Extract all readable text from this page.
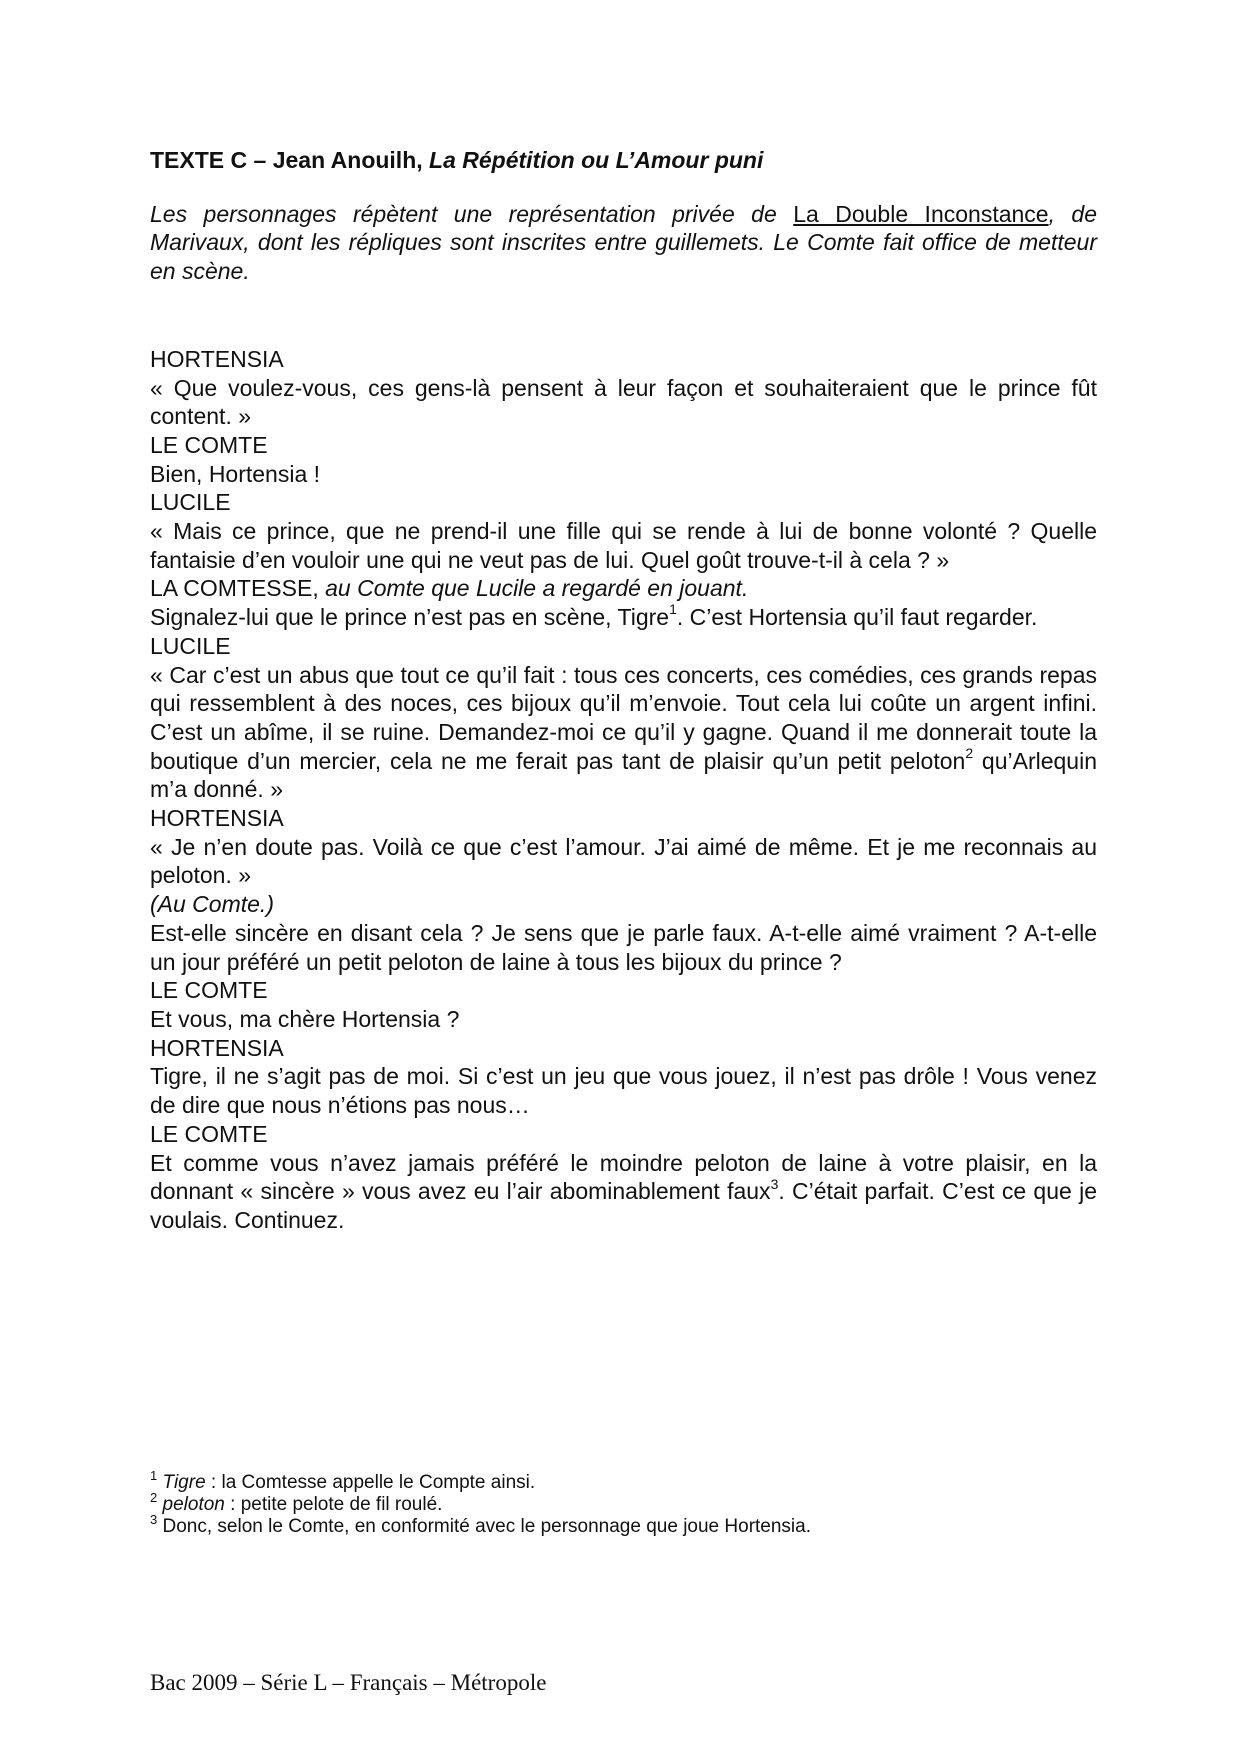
TEXTE C – Jean Anouilh, La Répétition ou L’Amour puni

Les personnages répètent une représentation privée de La Double Inconstance, de Marivaux, dont les répliques sont inscrites entre guillemets. Le Comte fait office de metteur en scène.

HORTENSIA

« Que voulez-vous, ces gens-là pensent à leur façon et souhaiteraient que le prince fût content. »

LE COMTE

Bien, Hortensia !

LUCILE

« Mais ce prince, que ne prend-il une fille qui se rende à lui de bonne volonté ? Quelle fantaisie d’en vouloir une qui ne veut pas de lui. Quel goût trouve-t-il à cela ? »

LA COMTESSE, au Comte que Lucile a regardé en jouant.

Signalez-lui que le prince n’est pas en scène, Tigre$^1$. C’est Hortensia qu’il faut regarder.

LUCILE

« Car c’est un abus que tout ce qu’il fait : tous ces concerts, ces comédies, ces grands repas qui ressemblent à des noces, ces bijoux qu’il m’envoie. Tout cela lui coûte un argent infini. C’est un abîme, il se ruine. Demandez-moi ce qu’il y gagne. Quand il me donnerait toute la boutique d’un mercier, cela ne me ferait pas tant de plaisir qu’un petit peloton$^2$ qu’Arlequin m’a donné. »

HORTENSIA

« Je n’en doute pas. Voilà ce que c’est l’amour. J’ai aimé de même. Et je me reconnais au peloton. »

(Au Comte.)

Est-elle sincère en disant cela ? Je sens que je parle faux. A-t-elle aimé vraiment ? A-t-elle un jour préféré un petit peloton de laine à tous les bijoux du prince ?

LE COMTE

Et vous, ma chère Hortensia ?

HORTENSIA

Tigre, il ne s’agit pas de moi. Si c’est un jeu que vous jouez, il n’est pas drôle ! Vous venez de dire que nous n’étions pas nous…

LE COMTE

Et comme vous n’avez jamais préféré le moindre peloton de laine à votre plaisir, en la donnant « sincère » vous avez eu l’air abominablement faux$^3$. C’était parfait. C’est ce que je voulais. Continuez.

$^1$ Tigre : la Comtesse appelle le Compte ainsi.
$^2$ peloton : petite pelote de fil roulé.
$^3$ Donc, selon le Comte, en conformité avec le personnage que joue Hortensia.
Bac 2009 – Série L – Français – Métropole
